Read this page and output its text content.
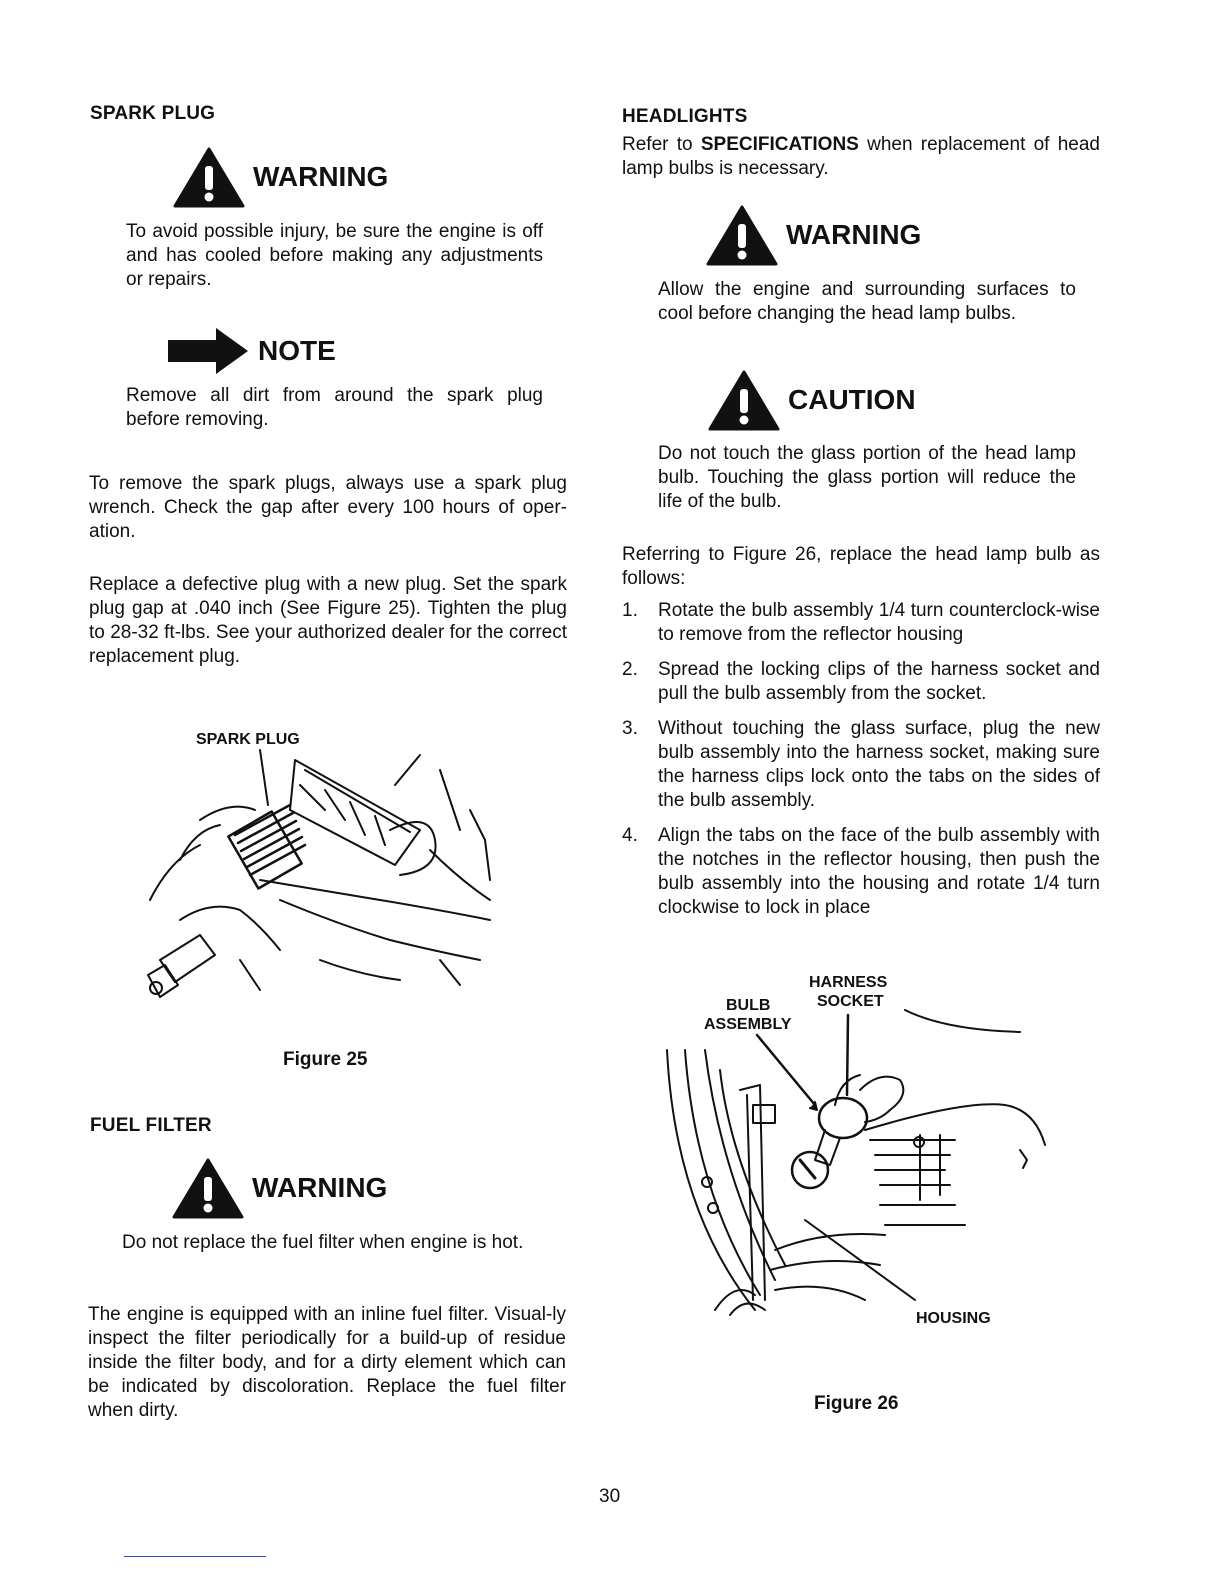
SPARK PLUG
WARNING
To avoid possible injury, be sure the engine is off and has cooled before making any adjustments or repairs.
NOTE
Remove all dirt from around the spark plug before removing.
To remove the spark plugs, always use a spark plug wrench. Check the gap after every 100 hours of oper-ation.
Replace a defective plug with a new plug. Set the spark plug gap at .040 inch (See Figure 25). Tighten the plug to 28-32 ft-lbs. See your authorized dealer for the correct replacement plug.
SPARK PLUG
Figure 25
FUEL FILTER
WARNING
Do not replace the fuel filter when engine is hot.
The engine is equipped with an inline fuel filter. Visual-ly inspect the filter periodically for a build-up of residue inside the filter body, and for a dirty element which can be indicated by discoloration. Replace the fuel filter when dirty.
HEADLIGHTS
Refer to SPECIFICATIONS when replacement of head lamp bulbs is necessary.
WARNING
Allow the engine and surrounding surfaces to cool before changing the head lamp bulbs.
CAUTION
Do not touch the glass portion of the head lamp bulb. Touching the glass portion will reduce the life of the bulb.
Referring to Figure 26, replace the head lamp bulb as follows:
1. Rotate the bulb assembly 1/4 turn counterclock-wise to remove from the reflector housing
2. Spread the locking clips of the harness socket and pull the bulb assembly from the socket.
3. Without touching the glass surface, plug the new bulb assembly into the harness socket, making sure the harness clips lock onto the tabs on the sides of the bulb assembly.
4. Align the tabs on the face of the bulb assembly with the notches in the reflector housing, then push the bulb assembly into the housing and rotate 1/4 turn clockwise to lock in place
HARNESS
SOCKET
BULB
ASSEMBLY
HOUSING
Figure 26
30
